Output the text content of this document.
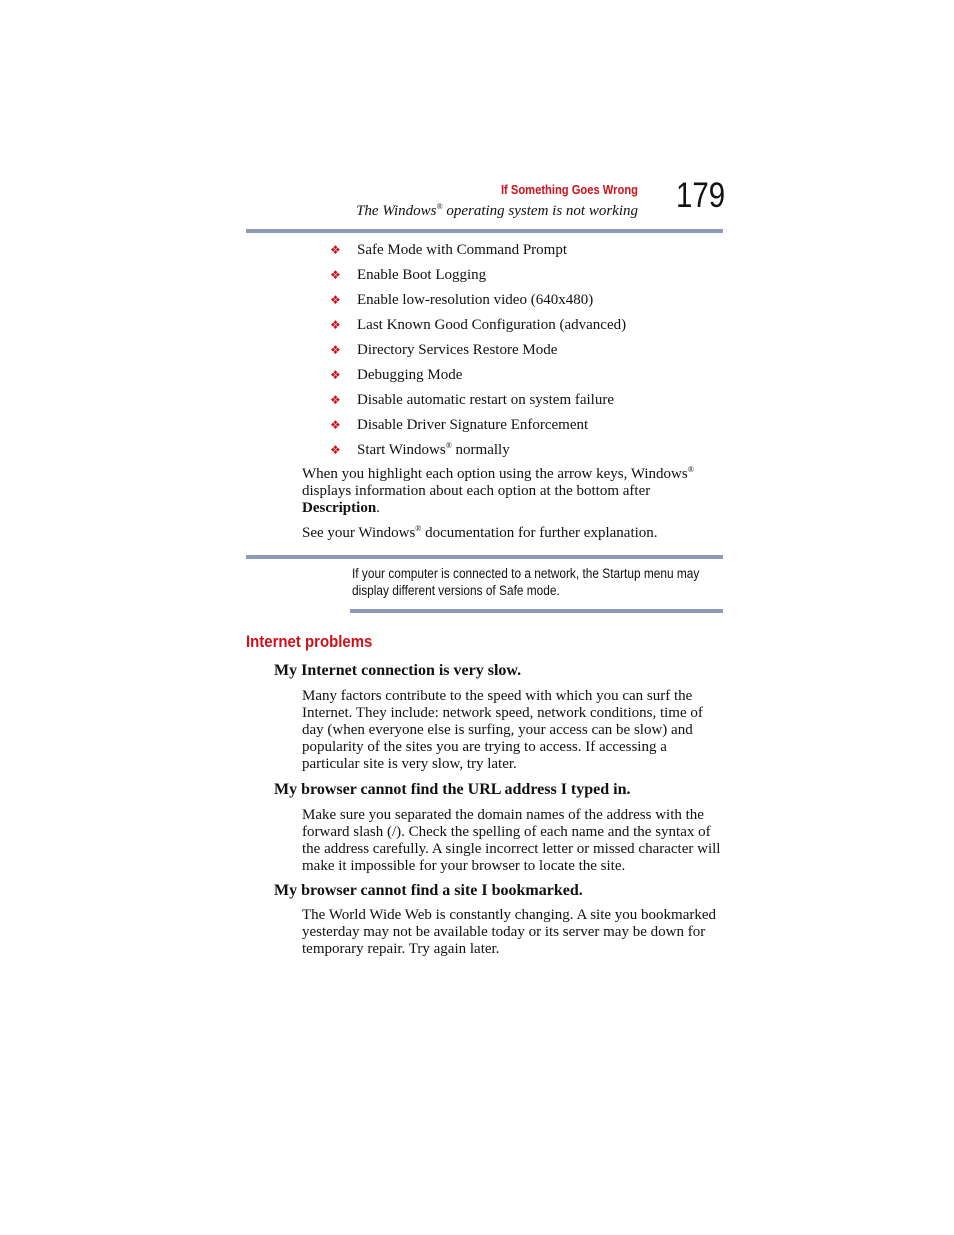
If Something Goes Wrong
The Windows® operating system is not working 179
❖ Safe Mode with Command Prompt
❖ Enable Boot Logging
❖ Enable low-resolution video (640x480)
❖ Last Known Good Configuration (advanced)
❖ Directory Services Restore Mode
❖ Debugging Mode
❖ Disable automatic restart on system failure
❖ Disable Driver Signature Enforcement
❖ Start Windows® normally
When you highlight each option using the arrow keys, Windows® displays information about each option at the bottom after Description.
See your Windows® documentation for further explanation.
If your computer is connected to a network, the Startup menu may display different versions of Safe mode.
Internet problems
My Internet connection is very slow.
Many factors contribute to the speed with which you can surf the Internet. They include: network speed, network conditions, time of day (when everyone else is surfing, your access can be slow) and popularity of the sites you are trying to access. If accessing a particular site is very slow, try later.
My browser cannot find the URL address I typed in.
Make sure you separated the domain names of the address with the forward slash (/). Check the spelling of each name and the syntax of the address carefully. A single incorrect letter or missed character will make it impossible for your browser to locate the site.
My browser cannot find a site I bookmarked.
The World Wide Web is constantly changing. A site you bookmarked yesterday may not be available today or its server may be down for temporary repair. Try again later.
